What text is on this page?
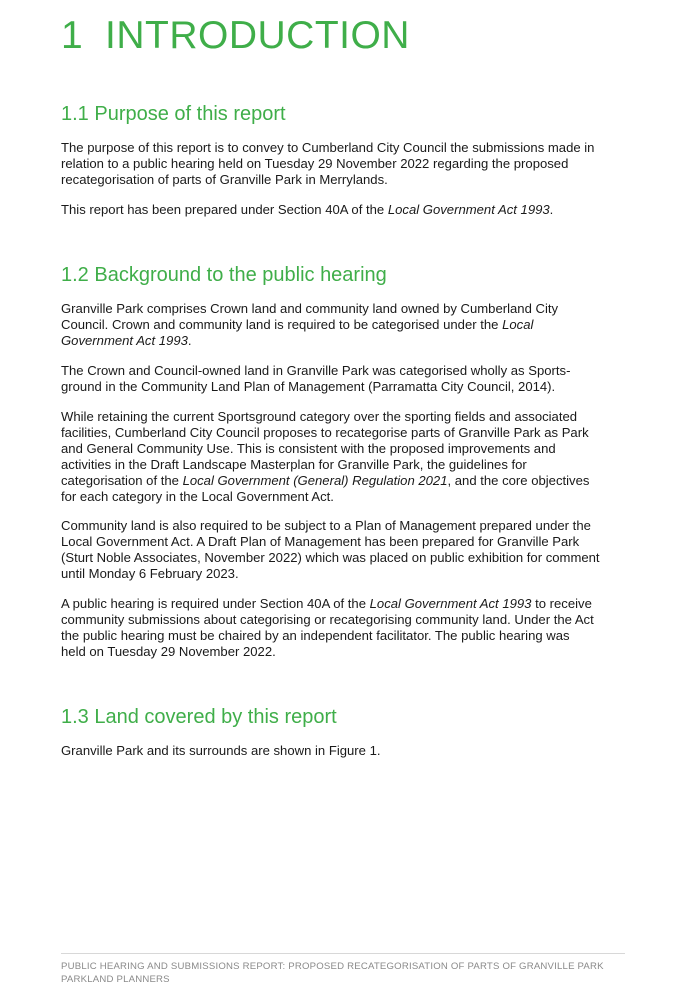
1 INTRODUCTION
1.1 Purpose of this report
The purpose of this report is to convey to Cumberland City Council the submissions made in
relation to a public hearing held on Tuesday 29 November 2022 regarding the proposed
recategorisation of parts of Granville Park in Merrylands.
This report has been prepared under Section 40A of the Local Government Act 1993.
1.2 Background to the public hearing
Granville Park comprises Crown land and community land owned by Cumberland City
Council. Crown and community land is required to be categorised under the Local
Government Act 1993.
The Crown and Council-owned land in Granville Park was categorised wholly as Sports-
ground in the Community Land Plan of Management (Parramatta City Council, 2014).
While retaining the current Sportsground category over the sporting fields and associated
facilities, Cumberland City Council proposes to recategorise parts of Granville Park as Park
and General Community Use. This is consistent with the proposed improvements and
activities in the Draft Landscape Masterplan for Granville Park, the guidelines for
categorisation of the Local Government (General) Regulation 2021, and the core objectives
for each category in the Local Government Act.
Community land is also required to be subject to a Plan of Management prepared under the
Local Government Act. A Draft Plan of Management has been prepared for Granville Park
(Sturt Noble Associates, November 2022) which was placed on public exhibition for comment
until Monday 6 February 2023.
A public hearing is required under Section 40A of the Local Government Act 1993 to receive
community submissions about categorising or recategorising community land. Under the Act
the public hearing must be chaired by an independent facilitator. The public hearing was
held on Tuesday 29 November 2022.
1.3 Land covered by this report
Granville Park and its surrounds are shown in Figure 1.
PUBLIC HEARING AND SUBMISSIONS REPORT: PROPOSED RECATEGORISATION OF PARTS OF GRANVILLE PARK
PARKLAND PLANNERS
